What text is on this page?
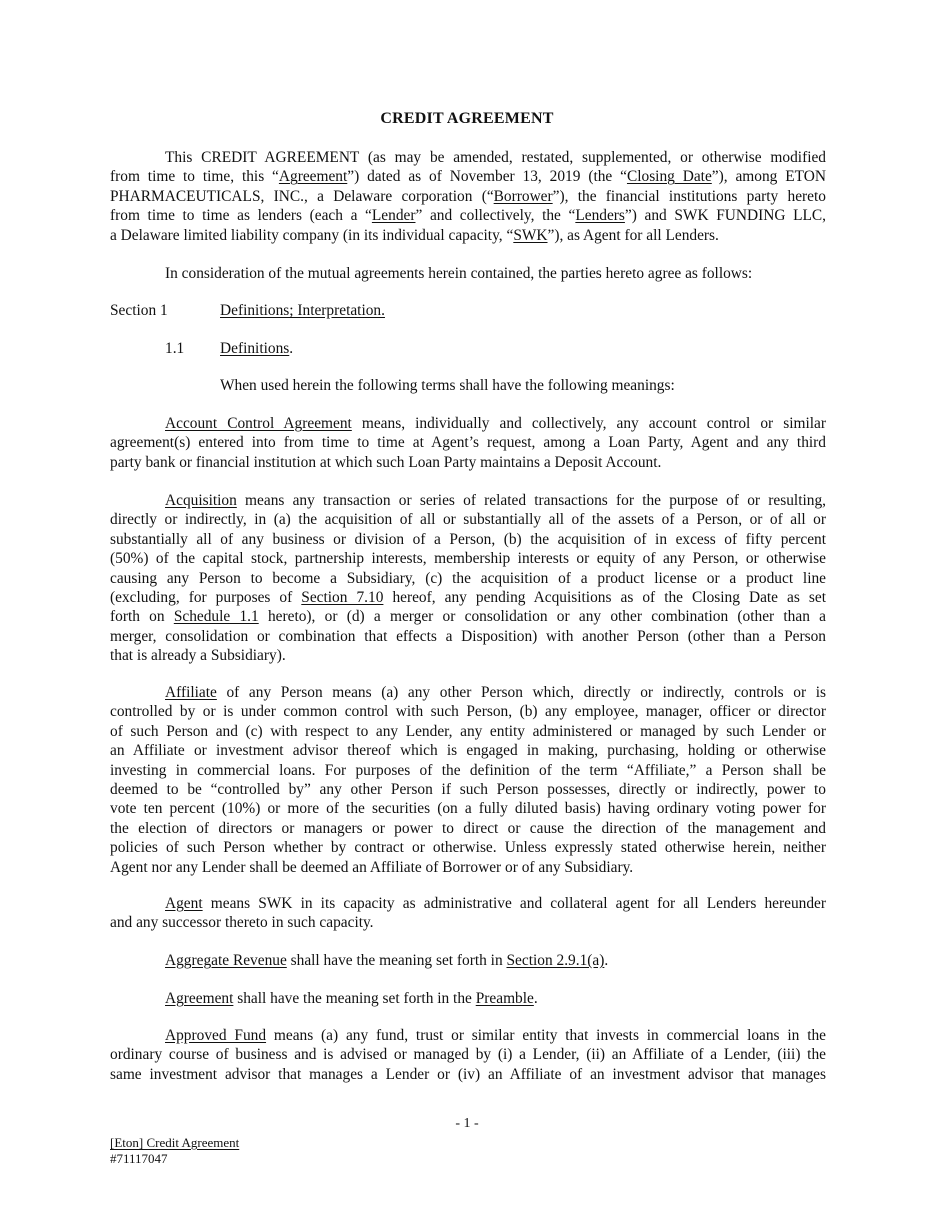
CREDIT AGREEMENT
This CREDIT AGREEMENT (as may be amended, restated, supplemented, or otherwise modified
from time to time, this “Agreement”) dated as of November 13, 2019 (the “Closing Date”), among ETON
PHARMACEUTICALS, INC., a Delaware corporation (“Borrower”), the financial institutions party hereto
from time to time as lenders (each a “Lender” and collectively, the “Lenders”) and SWK FUNDING LLC,
a Delaware limited liability company (in its individual capacity, “SWK”), as Agent for all Lenders.
In consideration of the mutual agreements herein contained, the parties hereto agree as follows:
Section 1	Definitions; Interpretation.
1.1 Definitions.
When used herein the following terms shall have the following meanings:
Account Control Agreement means, individually and collectively, any account control or similar
agreement(s) entered into from time to time at Agent’s request, among a Loan Party, Agent and any third
party bank or financial institution at which such Loan Party maintains a Deposit Account.
Acquisition means any transaction or series of related transactions for the purpose of or resulting,
directly or indirectly, in (a) the acquisition of all or substantially all of the assets of a Person, or of all or
substantially all of any business or division of a Person, (b) the acquisition of in excess of fifty percent
(50%) of the capital stock, partnership interests, membership interests or equity of any Person, or otherwise
causing any Person to become a Subsidiary, (c) the acquisition of a product license or a product line
(excluding, for purposes of Section 7.10 hereof, any pending Acquisitions as of the Closing Date as set
forth on Schedule 1.1 hereto), or (d) a merger or consolidation or any other combination (other than a
merger, consolidation or combination that effects a Disposition) with another Person (other than a Person
that is already a Subsidiary).
Affiliate of any Person means (a) any other Person which, directly or indirectly, controls or is
controlled by or is under common control with such Person, (b) any employee, manager, officer or director
of such Person and (c) with respect to any Lender, any entity administered or managed by such Lender or
an Affiliate or investment advisor thereof which is engaged in making, purchasing, holding or otherwise
investing in commercial loans. For purposes of the definition of the term “Affiliate,” a Person shall be
deemed to be “controlled by” any other Person if such Person possesses, directly or indirectly, power to
vote ten percent (10%) or more of the securities (on a fully diluted basis) having ordinary voting power for
the election of directors or managers or power to direct or cause the direction of the management and
policies of such Person whether by contract or otherwise. Unless expressly stated otherwise herein, neither
Agent nor any Lender shall be deemed an Affiliate of Borrower or of any Subsidiary.
Agent means SWK in its capacity as administrative and collateral agent for all Lenders hereunder
and any successor thereto in such capacity.
Aggregate Revenue shall have the meaning set forth in Section 2.9.1(a).
Agreement shall have the meaning set forth in the Preamble.
Approved Fund means (a) any fund, trust or similar entity that invests in commercial loans in the
ordinary course of business and is advised or managed by (i) a Lender, (ii) an Affiliate of a Lender, (iii) the
same investment advisor that manages a Lender or (iv) an Affiliate of an investment advisor that manages
- 1 -
[Eton] Credit Agreement
#71117047
